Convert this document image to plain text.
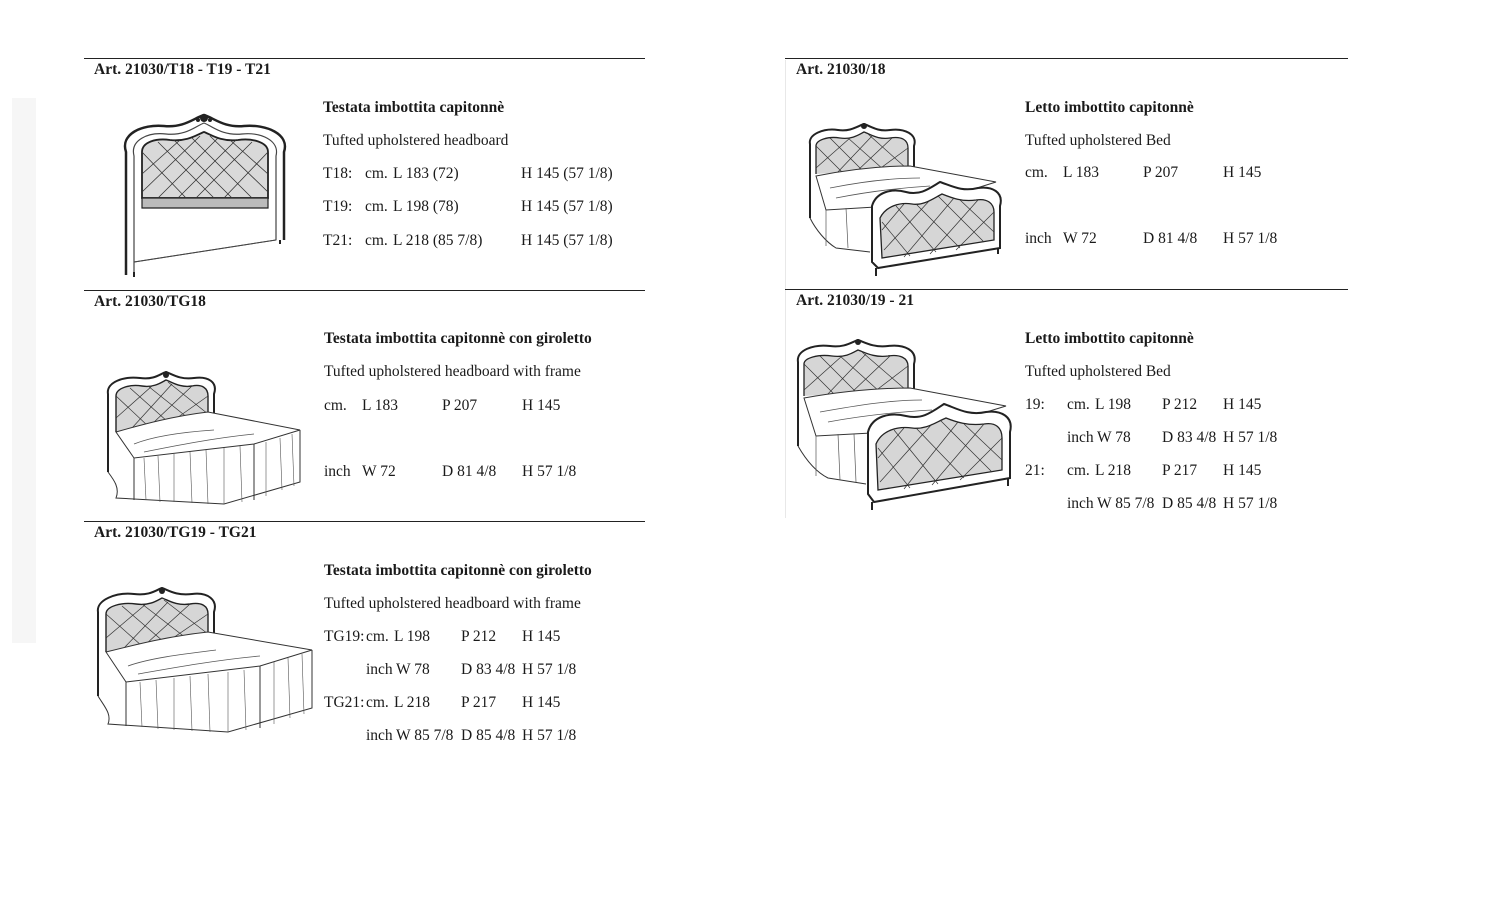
Art. 21030/T18 - T19 - T21
Testata imbottita capitonnè
Tufted upholstered headboard
T18: cm. L 183 (72)	H 145 (57 1/8)
T19: cm. L 198 (78)	H 145 (57 1/8)
T21: cm. L 218 (85 7/8) H 145 (57 1/8)
Art. 21030/TG18
Testata imbottita capitonnè con giroletto
Tufted upholstered headboard with frame
cm. L 183	P 207	H 145
inch W 72	D 81 4/8 H 57 1/8
Art. 21030/TG19 - TG21
Testata imbottita capitonnè con giroletto
Tufted upholstered headboard with frame
TG19: cm. L 198 P 212 H 145
inch W 78 D 83 4/8 H 57 1/8
TG21: cm. L 218 P 217 H 145
inch W 85 7/8 D 85 4/8 H 57 1/8
Art. 21030/18
Letto imbottito capitonnè
Tufted upholstered Bed
cm. L 183	P 207	H 145
inch W 72	D 81 4/8 H 57 1/8
Art. 21030/19 - 21
Letto imbottito capitonnè
Tufted upholstered Bed
19: cm. L 198 P 212 H 145
inch W 78 D 83 4/8 H 57 1/8
21: cm. L 218 P 217 H 145
inch W 85 7/8 D 85 4/8 H 57 1/8
